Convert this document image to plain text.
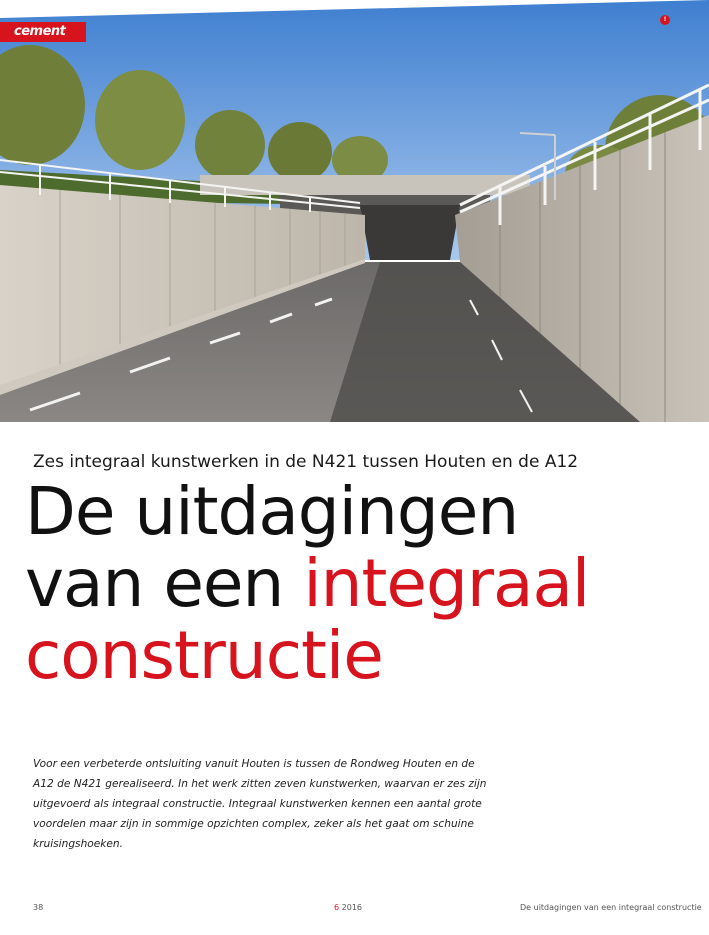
cement
!
Zes integraal kunstwerken in de N421 tussen Houten en de A12
De uitdagingen
van een integraal
constructie

Voor een verbeterde ontsluiting vanuit Houten is tussen de Rondweg Houten en de A12 de N421 gerealiseerd. In het werk zitten zeven kunstwerken, waarvan er zes zijn uitgevoerd als integraal constructie. Integraal kunstwerken kennen een aantal grote voordelen maar zijn in sommige opzichten complex, zeker als het gaat om schuine kruisingshoeken.

38	6 2016	De uitdagingen van een integraal constructie
